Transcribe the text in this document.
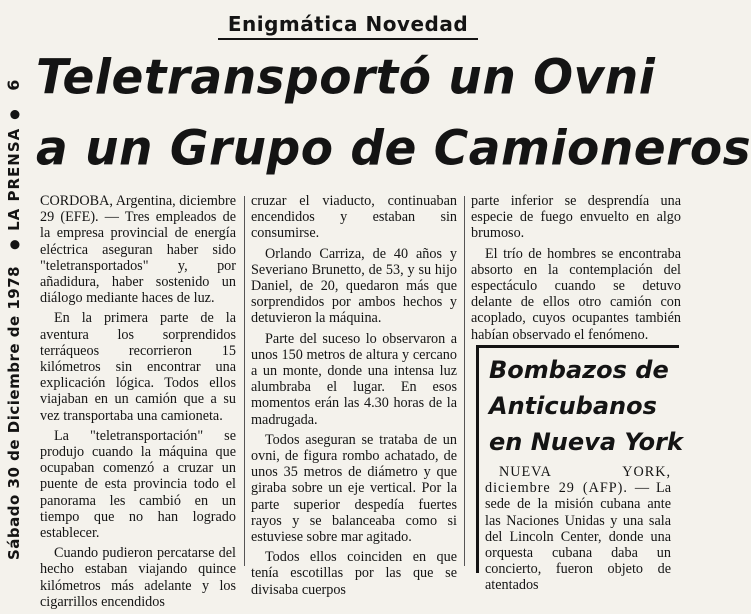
Sábado 30 de Diciembre de 1978
●
LA PRENSA
●
6
Enigmática Novedad
Teletransportó un Ovni
a un Grupo de Camioneros

CORDOBA, Argentina, diciembre 29 (EFE). — Tres empleados de la empresa provincial de energía eléctrica aseguran haber sido "teletransportados" y, por añadidura, haber sostenido un diálogo mediante haces de luz.

En la primera parte de la aventura los sorprendidos terráqueos recorrieron 15 kilómetros sin encontrar una explicación lógica. Todos ellos viajaban en un camión que a su vez transportaba una camioneta.

La "teletransportación" se produjo cuando la máquina que ocupaban comenzó a cruzar un puente de esta provincia todo el panorama les cambió en un tiempo que no han logrado establecer.

Cuando pudieron percatarse del hecho estaban viajando quince kilómetros más adelante y los cigarrillos encendidos

cruzar el viaducto, continuaban encendidos y estaban sin consumirse.

Orlando Carriza, de 40 años y Severiano Brunetto, de 53, y su hijo Daniel, de 20, quedaron más que sorprendidos por ambos hechos y detuvieron la máquina.

Parte del suceso lo observaron a unos 150 metros de altura y cercano a un monte, donde una intensa luz alumbraba el lugar. En esos momentos erán las 4.30 horas de la madrugada.

Todos aseguran se trataba de un ovni, de figura rombo achatado, de unos 35 metros de diámetro y que giraba sobre un eje vertical. Por la parte superior despedía fuertes rayos y se balanceaba como si estuviese sobre mar agitado.

Todos ellos coinciden en que tenía escotillas por las que se divisaba cuerpos

parte inferior se desprendía una especie de fuego envuelto en algo brumoso.

El trío de hombres se encontraba absorto en la contemplación del espectáculo cuando se detuvo delante de ellos otro camión con acoplado, cuyos ocupantes también habían observado el fenómeno.

Bombazos de
Anticubanos
en Nueva York

NUEVA YORK, diciembre 29 (AFP). — La sede de la misión cubana ante las Naciones Unidas y una sala del Lincoln Center, donde una orquesta cubana daba un concierto, fueron objeto de atentados
